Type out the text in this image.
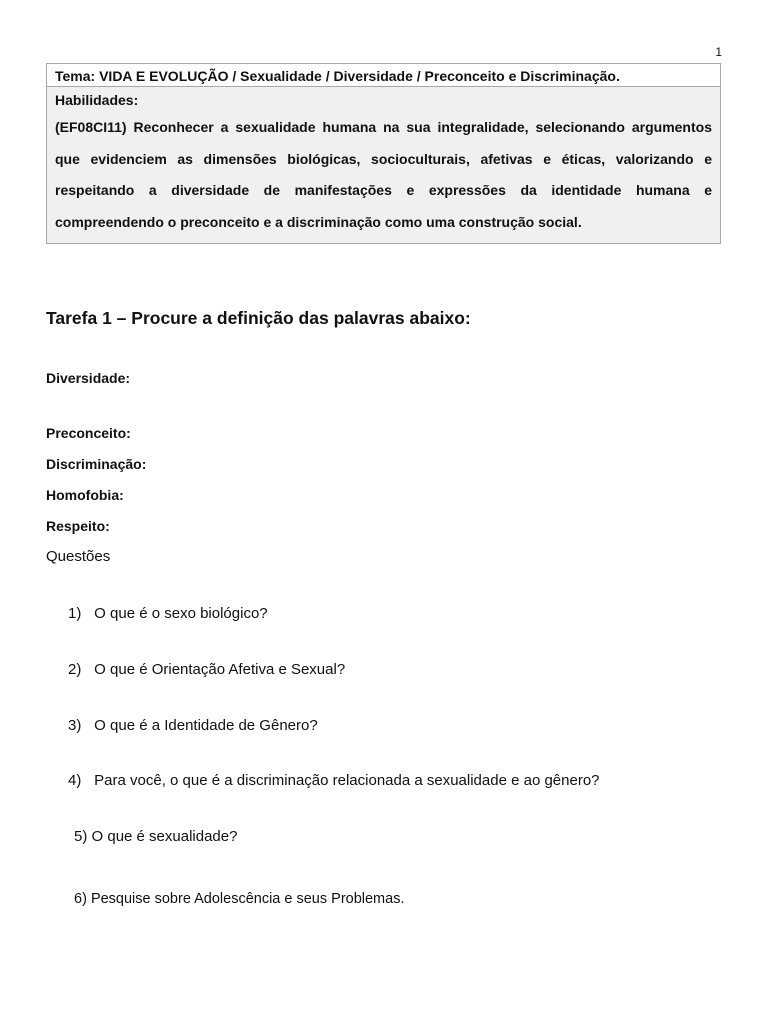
1
Tema: VIDA E EVOLUÇÃO / Sexualidade / Diversidade / Preconceito e Discriminação.
Habilidades:
(EF08CI11) Reconhecer a sexualidade humana na sua integralidade, selecionando argumentos que evidenciem as dimensões biológicas, socioculturais, afetivas e éticas, valorizando e respeitando a diversidade de manifestações e expressões da identidade humana e compreendendo o preconceito e a discriminação como uma construção social.
Tarefa 1 – Procure a definição das palavras abaixo:
Diversidade:
Preconceito:
Discriminação:
Homofobia:
Respeito:
Questões
1) O que é o sexo biológico?
2) O que é Orientação Afetiva e Sexual?
3) O que é a Identidade de Gênero?
4) Para você, o que é a discriminação relacionada a sexualidade e ao gênero?
5) O que é sexualidade?
6) Pesquise sobre Adolescência e seus Problemas.
